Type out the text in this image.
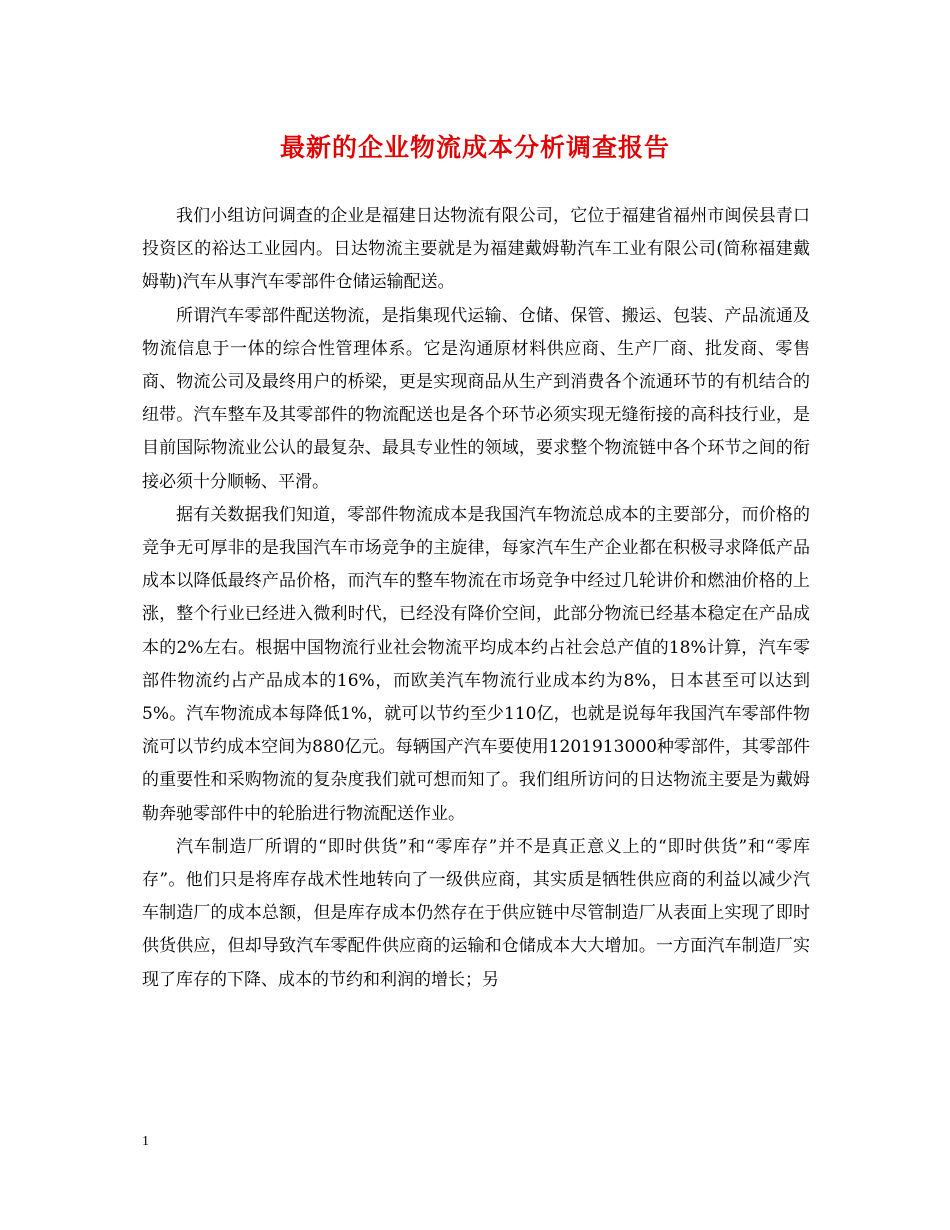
最新的企业物流成本分析调查报告

我们小组访问调查的企业是福建日达物流有限公司，它位于福建省福州市闽侯县青口投资区的裕达工业园内。日达物流主要就是为福建戴姆勒汽车工业有限公司(简称福建戴姆勒)汽车从事汽车零部件仓储运输配送。

所谓汽车零部件配送物流，是指集现代运输、仓储、保管、搬运、包装、产品流通及物流信息于一体的综合性管理体系。它是沟通原材料供应商、生产厂商、批发商、零售商、物流公司及最终用户的桥梁，更是实现商品从生产到消费各个流通环节的有机结合的纽带。汽车整车及其零部件的物流配送也是各个环节必须实现无缝衔接的高科技行业，是目前国际物流业公认的最复杂、最具专业性的领域，要求整个物流链中各个环节之间的衔接必须十分顺畅、平滑。

据有关数据我们知道，零部件物流成本是我国汽车物流总成本的主要部分，而价格的竞争无可厚非的是我国汽车市场竞争的主旋律，每家汽车生产企业都在积极寻求降低产品成本以降低最终产品价格，而汽车的整车物流在市场竞争中经过几轮讲价和燃油价格的上涨，整个行业已经进入微利时代，已经没有降价空间，此部分物流已经基本稳定在产品成本的2%左右。根据中国物流行业社会物流平均成本约占社会总产值的18%计算，汽车零部件物流约占产品成本的16%，而欧美汽车物流行业成本约为8%，日本甚至可以达到5%。汽车物流成本每降低1%，就可以节约至少110亿，也就是说每年我国汽车零部件物流可以节约成本空间为880亿元。每辆国产汽车要使用1201913000种零部件，其零部件的重要性和采购物流的复杂度我们就可想而知了。我们组所访问的日达物流主要是为戴姆勒奔驰零部件中的轮胎进行物流配送作业。

汽车制造厂所谓的“即时供货”和“零库存”并不是真正意义上的“即时供货”和“零库存”。他们只是将库存战术性地转向了一级供应商，其实质是牺牲供应商的利益以减少汽车制造厂的成本总额，但是库存成本仍然存在于供应链中尽管制造厂从表面上实现了即时供货供应，但却导致汽车零配件供应商的运输和仓储成本大大增加。一方面汽车制造厂实现了库存的下降、成本的节约和利润的增长；另

1
